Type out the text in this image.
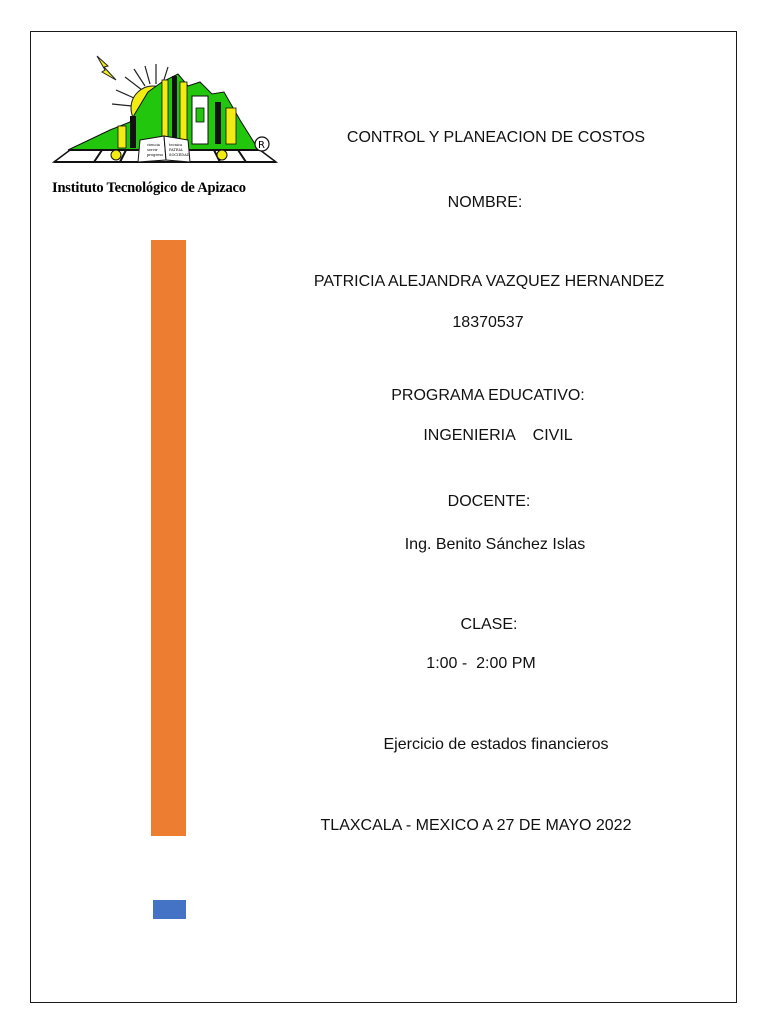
ciencia
servir
progreso
tecnica
PATRIA
SOCIEDAD
R
Instituto Tecnológico de Apizaco
CONTROL Y PLANEACION DE COSTOS
NOMBRE:
PATRICIA ALEJANDRA VAZQUEZ HERNANDEZ
18370537
PROGRAMA EDUCATIVO:
INGENIERIA    CIVIL
DOCENTE:
Ing. Benito Sánchez Islas
CLASE:
1:00 -  2:00 PM
Ejercicio de estados financieros
TLAXCALA - MEXICO A 27 DE MAYO 2022
